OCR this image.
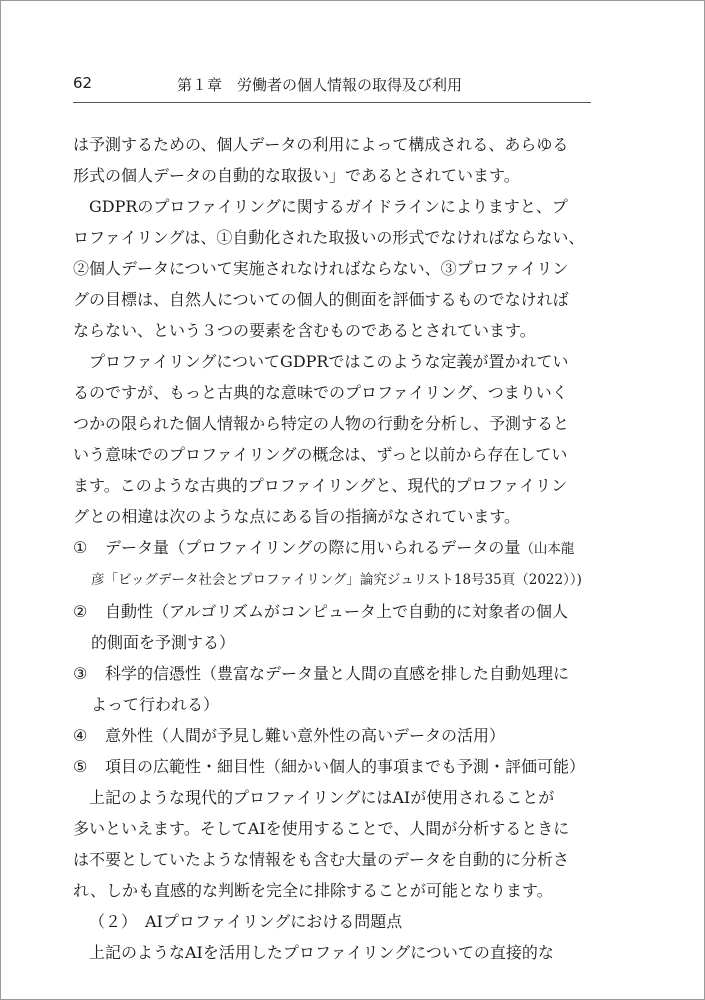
62	第１章　労働者の個人情報の取得及び利用
は予測するための、個人データの利用によって構成される、あらゆる
形式の個人データの自動的な取扱い」であるとされています。
GDPRのプロファイリングに関するガイドラインによりますと、プ
ロファイリングは、①自動化された取扱いの形式でなければならない、
②個人データについて実施されなければならない、③プロファイリン
グの目標は、自然人についての個人的側面を評価するものでなければ
ならない、という３つの要素を含むものであるとされています。
プロファイリングについてGDPRではこのような定義が置かれてい
るのですが、もっと古典的な意味でのプロファイリング、つまりいく
つかの限られた個人情報から特定の人物の行動を分析し、予測すると
いう意味でのプロファイリングの概念は、ずっと以前から存在してい
ます。このような古典的プロファイリングと、現代的プロファイリン
グとの相違は次のような点にある旨の指摘がなされています。
① データ量（プロファイリングの際に用いられるデータの量（山本龍
彦「ビッグデータ社会とプロファイリング」論究ジュリスト18号35頁（2022））)
② 自動性（アルゴリズムがコンピュータ上で自動的に対象者の個人
的側面を予測する）
③ 科学的信憑性（豊富なデータ量と人間の直感を排した自動処理に
よって行われる）
④ 意外性（人間が予見し難い意外性の高いデータの活用）
⑤ 項目の広範性・細目性（細かい個人的事項までも予測・評価可能）
上記のような現代的プロファイリングにはAIが使用されることが
多いといえます。そしてAIを使用することで、人間が分析するときに
は不要としていたような情報をも含む大量のデータを自動的に分析さ
れ、しかも直感的な判断を完全に排除することが可能となります。
（２）　AIプロファイリングにおける問題点
上記のようなAIを活用したプロファイリングについての直接的な
